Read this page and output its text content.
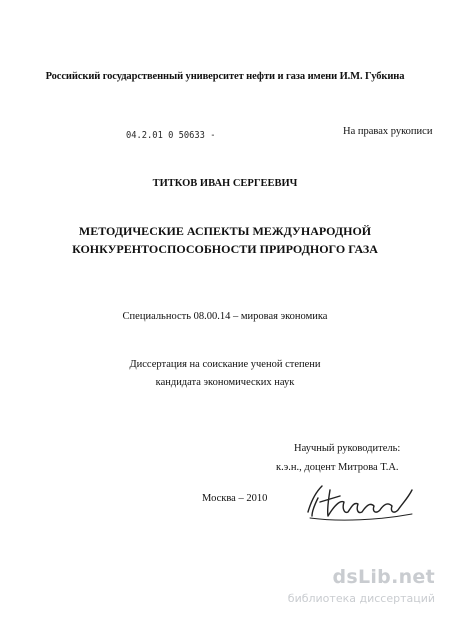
Российский государственный университет нефти и газа имени И.М. Губкина
04.2.01 0 50633 -	На правах рукописи
ТИТКОВ ИВАН СЕРГЕЕВИЧ
МЕТОДИЧЕСКИЕ АСПЕКТЫ МЕЖДУНАРОДНОЙ
КОНКУРЕНТОСПОСОБНОСТИ ПРИРОДНОГО ГАЗА
Специальность 08.00.14 – мировая экономика
Диссертация на соискание ученой степени
кандидата экономических наук
Научный руководитель:
к.э.н., доцент Митрова Т.А.
Москва – 2010
dsLib.net
библиотека диссертаций
